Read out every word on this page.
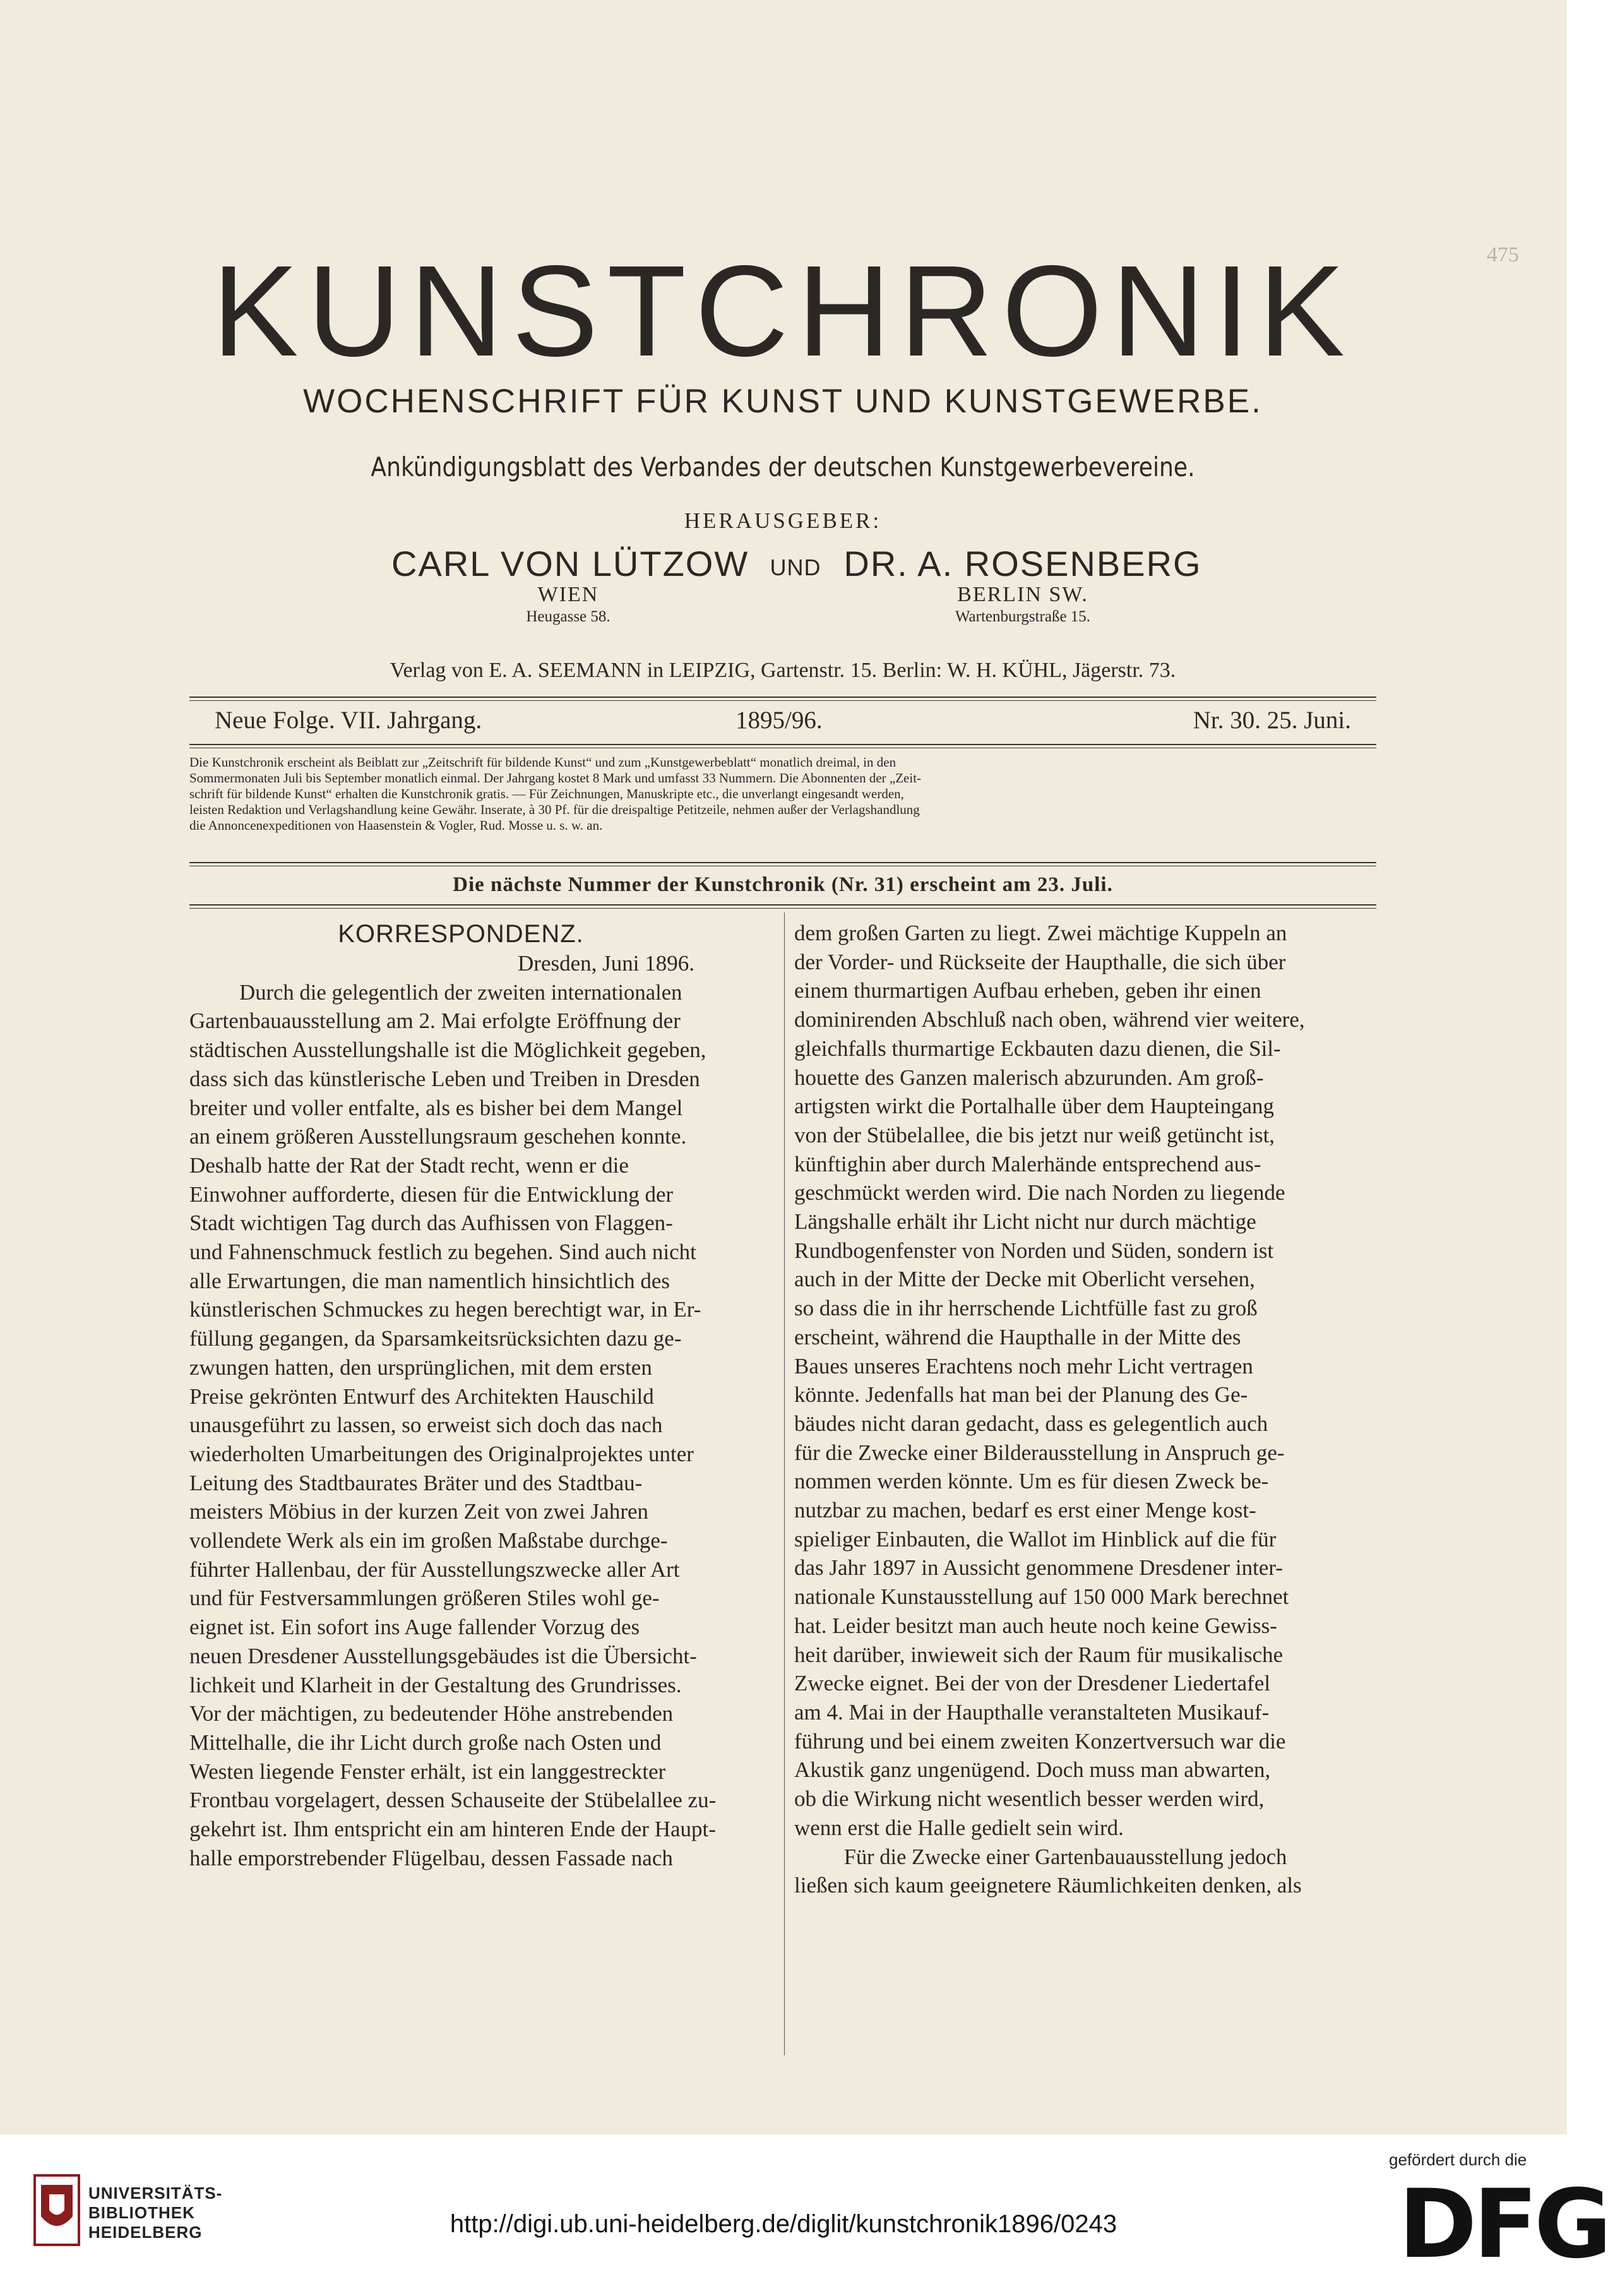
475
KUNSTCHRONIK
WOCHENSCHRIFT FÜR KUNST UND KUNSTGEWERBE.
Ankündigungsblatt des Verbandes der deutschen Kunstgewerbevereine.
HERAUSGEBER:
CARL VON LÜTZOW
WIEN
Heugasse 58.
UND DR. A. ROSENBERG
BERLIN SW.
Wartenburgstraße 15.
Verlag von E. A. SEEMANN in LEIPZIG, Gartenstr. 15. Berlin: W. H. KÜHL, Jägerstr. 73.
Neue Folge. VII. Jahrgang.	1895/96.	Nr. 30. 25. Juni.

Die Kunstchronik erscheint als Beiblatt zur „Zeitschrift für bildende Kunst“ und zum „Kunstgewerbeblatt“ monatlich dreimal, in den

Sommermonaten Juli bis September monatlich einmal. Der Jahrgang kostet 8 Mark und umfasst 33 Nummern. Die Abonnenten der „Zeit-

schrift für bildende Kunst“ erhalten die Kunstchronik gratis. — Für Zeichnungen, Manuskripte etc., die unverlangt eingesandt werden,

leisten Redaktion und Verlagshandlung keine Gewähr. Inserate, à 30 Pf. für die dreispaltige Petitzeile, nehmen außer der Verlagshandlung

die Annoncenexpeditionen von Haasenstein & Vogler, Rud. Mosse u. s. w. an.

Die nächste Nummer der Kunstchronik (Nr. 31) erscheint am 23. Juli.

KORRESPONDENZ.

Dresden, Juni 1896.

Durch die gelegentlich der zweiten internationalen

Gartenbauausstellung am 2. Mai erfolgte Eröffnung der

städtischen Ausstellungshalle ist die Möglichkeit gegeben,

dass sich das künstlerische Leben und Treiben in Dresden

breiter und voller entfalte, als es bisher bei dem Mangel

an einem größeren Ausstellungsraum geschehen konnte.

Deshalb hatte der Rat der Stadt recht, wenn er die

Einwohner aufforderte, diesen für die Entwicklung der

Stadt wichtigen Tag durch das Aufhissen von Flaggen-

und Fahnenschmuck festlich zu begehen. Sind auch nicht

alle Erwartungen, die man namentlich hinsichtlich des

künstlerischen Schmuckes zu hegen berechtigt war, in Er-

füllung gegangen, da Sparsamkeitsrücksichten dazu ge-

zwungen hatten, den ursprünglichen, mit dem ersten

Preise gekrönten Entwurf des Architekten Hauschild

unausgeführt zu lassen, so erweist sich doch das nach

wiederholten Umarbeitungen des Originalprojektes unter

Leitung des Stadtbaurates Bräter und des Stadtbau-

meisters Möbius in der kurzen Zeit von zwei Jahren

vollendete Werk als ein im großen Maßstabe durchge-

führter Hallenbau, der für Ausstellungszwecke aller Art

und für Festversammlungen größeren Stiles wohl ge-

eignet ist. Ein sofort ins Auge fallender Vorzug des

neuen Dresdener Ausstellungsgebäudes ist die Übersicht-

lichkeit und Klarheit in der Gestaltung des Grundrisses.

Vor der mächtigen, zu bedeutender Höhe anstrebenden

Mittelhalle, die ihr Licht durch große nach Osten und

Westen liegende Fenster erhält, ist ein langgestreckter

Frontbau vorgelagert, dessen Schauseite der Stübelallee zu-

gekehrt ist. Ihm entspricht ein am hinteren Ende der Haupt-

halle emporstrebender Flügelbau, dessen Fassade nach

dem großen Garten zu liegt. Zwei mächtige Kuppeln an

der Vorder- und Rückseite der Haupthalle, die sich über

einem thurmartigen Aufbau erheben, geben ihr einen

dominirenden Abschluß nach oben, während vier weitere,

gleichfalls thurmartige Eckbauten dazu dienen, die Sil-

houette des Ganzen malerisch abzurunden. Am groß-

artigsten wirkt die Portalhalle über dem Haupteingang

von der Stübelallee, die bis jetzt nur weiß getüncht ist,

künftighin aber durch Malerhände entsprechend aus-

geschmückt werden wird. Die nach Norden zu liegende

Längshalle erhält ihr Licht nicht nur durch mächtige

Rundbogenfenster von Norden und Süden, sondern ist

auch in der Mitte der Decke mit Oberlicht versehen,

so dass die in ihr herrschende Lichtfülle fast zu groß

erscheint, während die Haupthalle in der Mitte des

Baues unseres Erachtens noch mehr Licht vertragen

könnte. Jedenfalls hat man bei der Planung des Ge-

bäudes nicht daran gedacht, dass es gelegentlich auch

für die Zwecke einer Bilderausstellung in Anspruch ge-

nommen werden könnte. Um es für diesen Zweck be-

nutzbar zu machen, bedarf es erst einer Menge kost-

spieliger Einbauten, die Wallot im Hinblick auf die für

das Jahr 1897 in Aussicht genommene Dresdener inter-

nationale Kunstausstellung auf 150 000 Mark berechnet

hat. Leider besitzt man auch heute noch keine Gewiss-

heit darüber, inwieweit sich der Raum für musikalische

Zwecke eignet. Bei der von der Dresdener Liedertafel

am 4. Mai in der Haupthalle veranstalteten Musikauf-

führung und bei einem zweiten Konzertversuch war die

Akustik ganz ungenügend. Doch muss man abwarten,

ob die Wirkung nicht wesentlich besser werden wird,

wenn erst die Halle gedielt sein wird.

Für die Zwecke einer Gartenbauausstellung jedoch

ließen sich kaum geeignetere Räumlichkeiten denken, als

UNIVERSITÄTS-
BIBLIOTHEK
HEIDELBERG	http://digi.ub.uni-heidelberg.de/diglit/kunstchronik1896/0243
gefördert durch die
DFG
